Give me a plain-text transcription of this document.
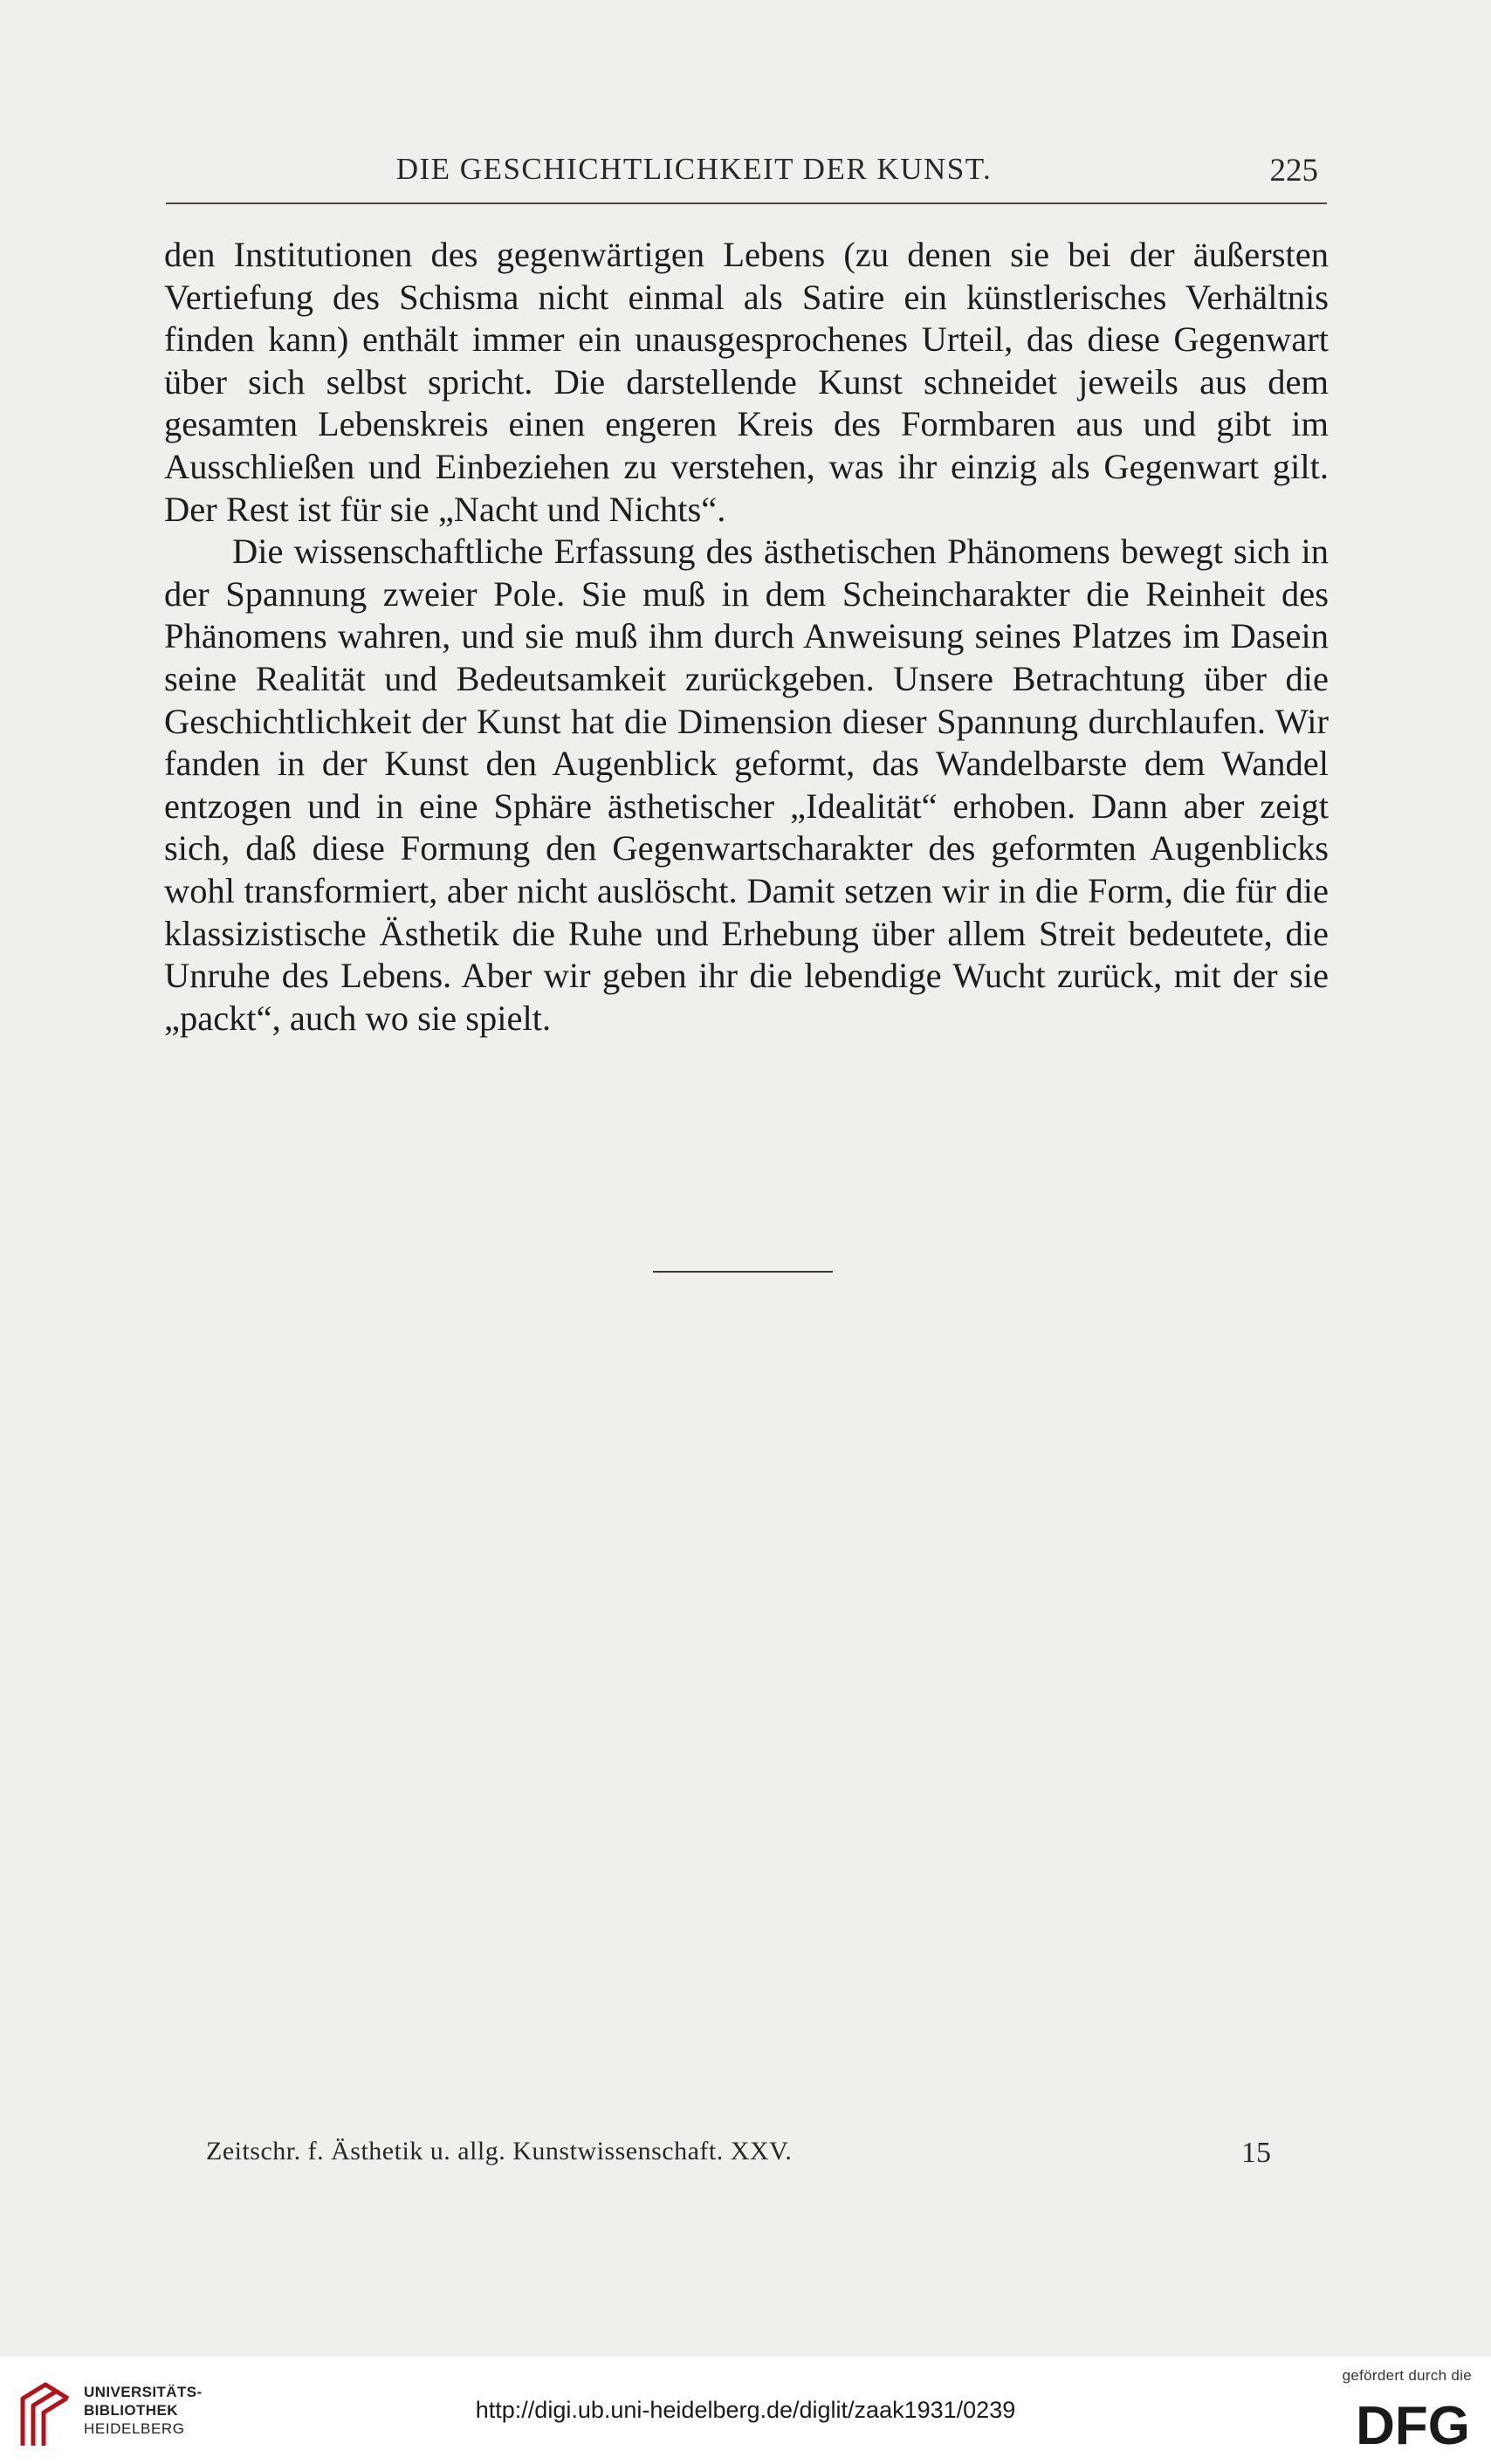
DIE GESCHICHTLICHKEIT DER KUNST.	225

den Institutionen des gegenwärtigen Lebens (zu denen sie bei der äußersten Vertiefung des Schisma nicht einmal als Satire ein künstlerisches Verhältnis finden kann) enthält immer ein unausgesprochenes Urteil, das diese Gegenwart über sich selbst spricht. Die darstellende Kunst schneidet jeweils aus dem gesamten Lebenskreis einen engeren Kreis des Formbaren aus und gibt im Ausschließen und Einbeziehen zu verstehen, was ihr einzig als Gegenwart gilt. Der Rest ist für sie „Nacht und Nichts“.

Die wissenschaftliche Erfassung des ästhetischen Phänomens bewegt sich in der Spannung zweier Pole. Sie muß in dem Scheincharakter die Reinheit des Phänomens wahren, und sie muß ihm durch Anweisung seines Platzes im Dasein seine Realität und Bedeutsamkeit zurückgeben. Unsere Betrachtung über die Geschichtlichkeit der Kunst hat die Dimension dieser Spannung durchlaufen. Wir fanden in der Kunst den Augenblick geformt, das Wandelbarste dem Wandel entzogen und in eine Sphäre ästhetischer „Idealität“ erhoben. Dann aber zeigt sich, daß diese Formung den Gegenwartscharakter des geformten Augenblicks wohl transformiert, aber nicht auslöscht. Damit setzen wir in die Form, die für die klassizistische Ästhetik die Ruhe und Erhebung über allem Streit bedeutete, die Unruhe des Lebens. Aber wir geben ihr die lebendige Wucht zurück, mit der sie „packt“, auch wo sie spielt.

Zeitschr. f. Ästhetik u. allg. Kunstwissenschaft. XXV.	15
UNIVERSITÄTS-
BIBLIOTHEK
HEIDELBERG
http://digi.ub.uni-heidelberg.de/diglit/zaak1931/0239
gefördert durch die
DFG
